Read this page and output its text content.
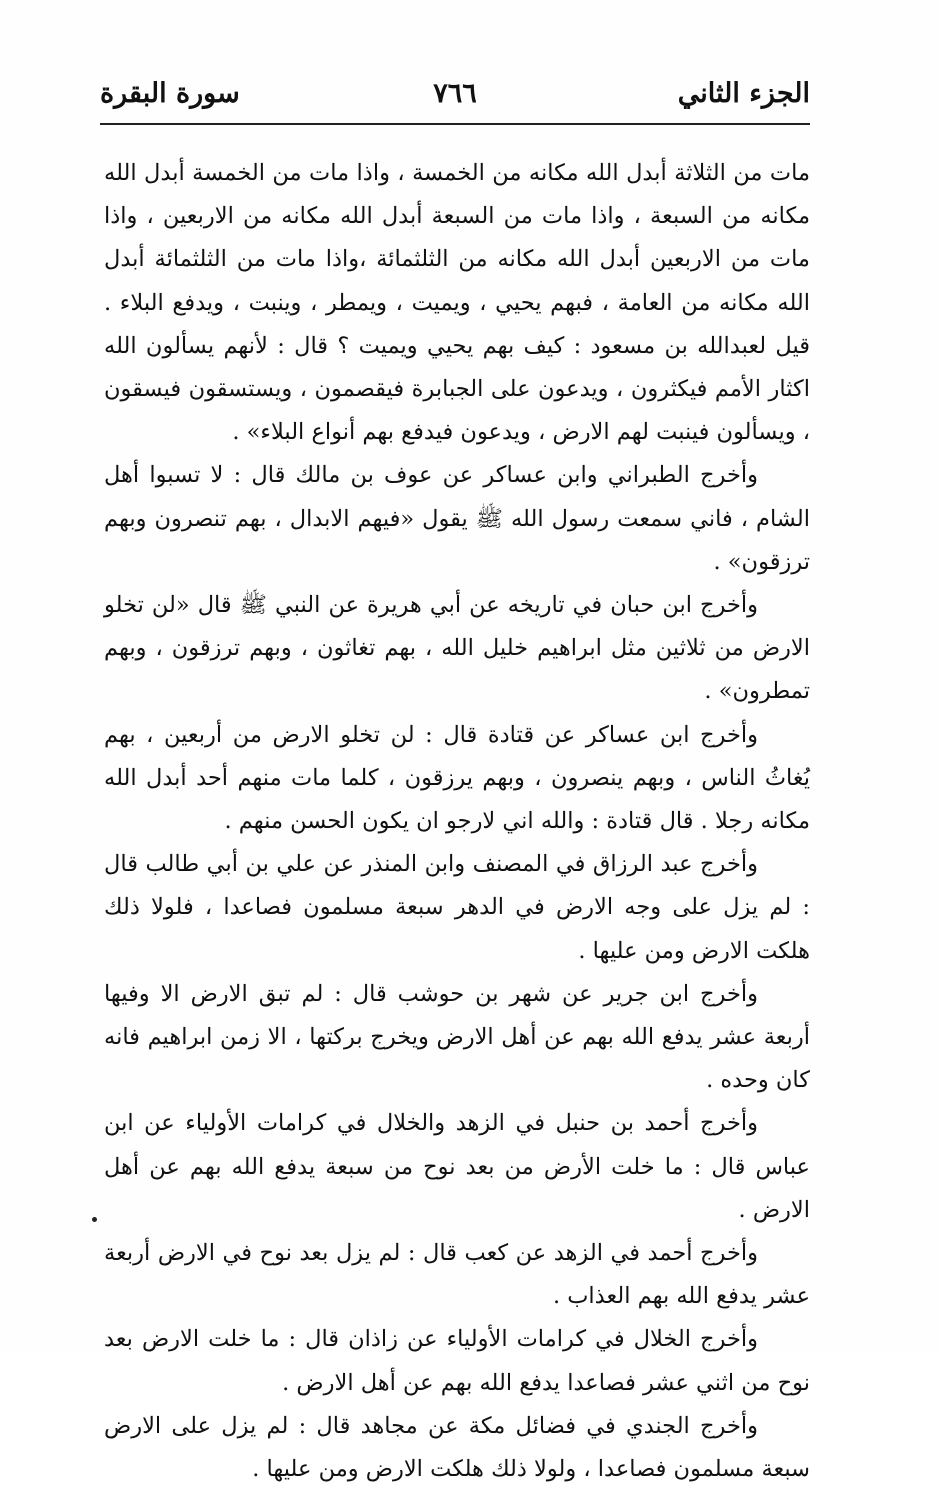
الجزء الثاني
٧٦٦
سورة البقرة

مات من الثلاثة أبدل الله مكانه من الخمسة ، واذا مات من الخمسة أبدل الله مكانه من السبعة ، واذا مات من السبعة أبدل الله مكانه من الاربعين ، واذا مات من الاربعين أبدل الله مكانه من الثلثمائة ،واذا مات من الثلثمائة أبدل الله مكانه من العامة ، فبهم يحيي ، ويميت ، ويمطر ، وينبت ، ويدفع البلاء . قيل لعبدالله بن مسعود : كيف بهم يحيي ويميت ؟ قال : لأنهم يسألون الله اكثار الأمم فيكثرون ، ويدعون على الجبابرة فيقصمون ، ويستسقون فيسقون ، ويسألون فينبت لهم الارض ، ويدعون فيدفع بهم أنواع البلاء» .

وأخرج الطبراني وابن عساكر عن عوف بن مالك قال : لا تسبوا أهل الشام ، فاني سمعت رسول الله ﷺ يقول «فيهم الابدال ، بهم تنصرون وبهم ترزقون» .

وأخرج ابن حبان في تاريخه عن أبي هريرة عن النبي ﷺ قال «لن تخلو الارض من ثلاثين مثل ابراهيم خليل الله ، بهم تغاثون ، وبهم ترزقون ، وبهم تمطرون» .

وأخرج ابن عساكر عن قتادة قال : لن تخلو الارض من أربعين ، بهم يُغاثُ الناس ، وبهم ينصرون ، وبهم يرزقون ، كلما مات منهم أحد أبدل الله مكانه رجلا . قال قتادة : والله اني لارجو ان يكون الحسن منهم .

وأخرج عبد الرزاق في المصنف وابن المنذر عن علي بن أبي طالب قال : لم يزل على وجه الارض في الدهر سبعة مسلمون فصاعدا ، فلولا ذلك هلكت الارض ومن عليها .

وأخرج ابن جرير عن شهر بن حوشب قال : لم تبق الارض الا وفيها أربعة عشر يدفع الله بهم عن أهل الارض ويخرج بركتها ، الا زمن ابراهيم فانه كان وحده .

وأخرج أحمد بن حنبل في الزهد والخلال في كرامات الأولياء عن ابن عباس قال : ما خلت الأرض من بعد نوح من سبعة يدفع الله بهم عن أهل الارض .

وأخرج أحمد في الزهد عن كعب قال : لم يزل بعد نوح في الارض أربعة عشر يدفع الله بهم العذاب .

وأخرج الخلال في كرامات الأولياء عن زاذان قال : ما خلت الارض بعد نوح من اثني عشر فصاعدا يدفع الله بهم عن أهل الارض .

وأخرج الجندي في فضائل مكة عن مجاهد قال : لم يزل على الارض سبعة مسلمون فصاعدا ، ولولا ذلك هلكت الارض ومن عليها .
